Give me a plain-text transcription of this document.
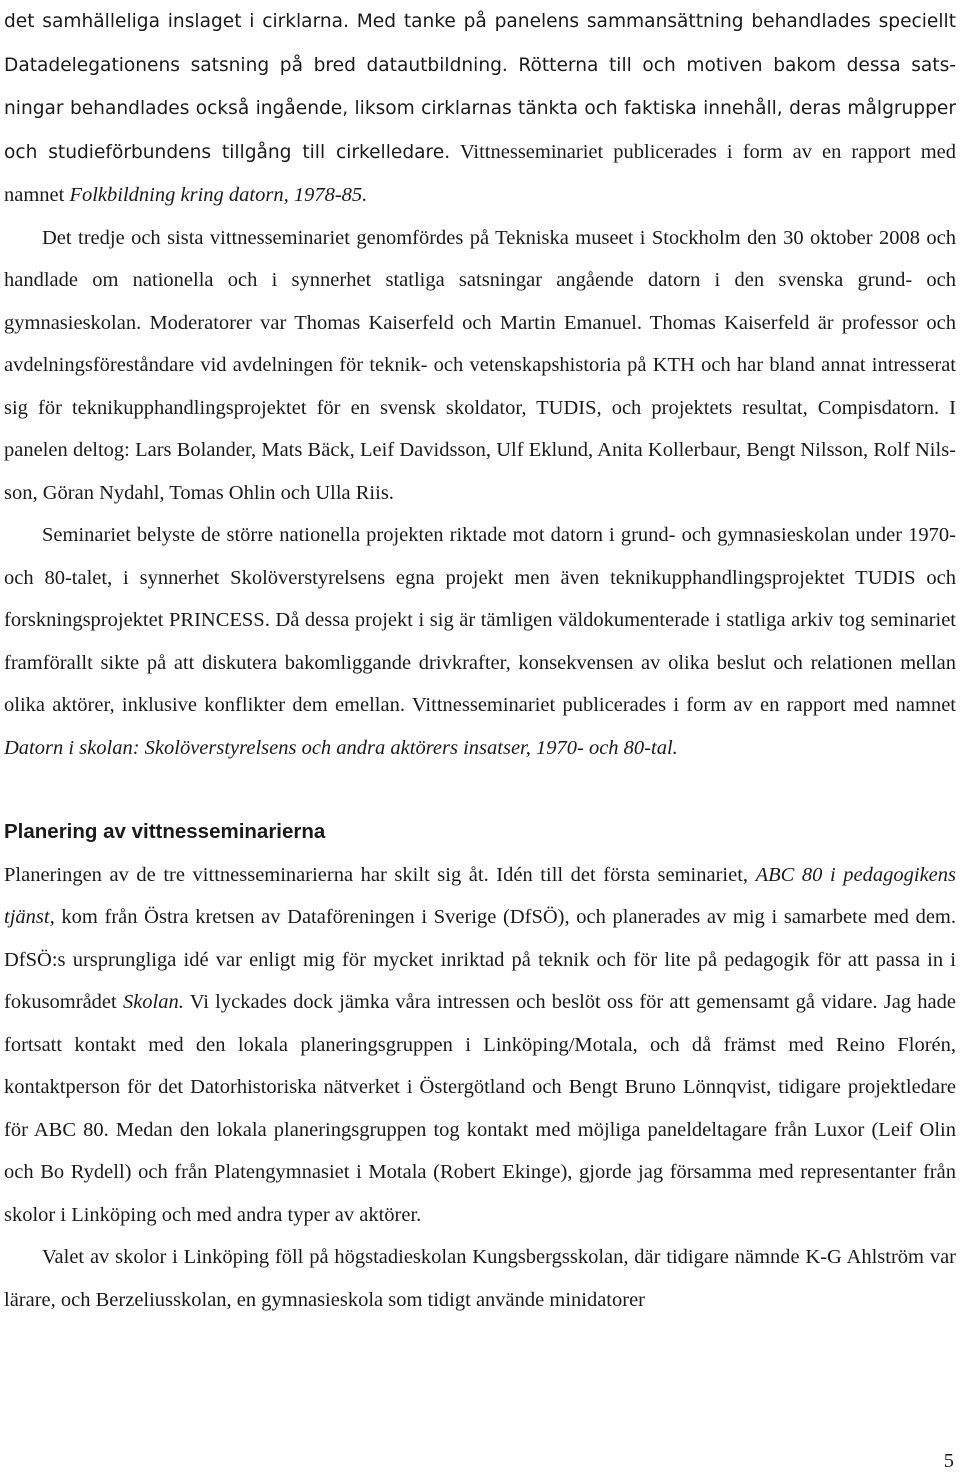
det samhälleliga inslaget i cirklarna. Med tanke på panelens sammansättning behandlades speciellt Datadelegationens satsning på bred datautbildning. Rötterna till och motiven bakom dessa satsningar behandlades också ingående, liksom cirklarnas tänkta och faktiska innehåll, deras målgrupper och studieförbundens tillgång till cirkelledare. Vittnesseminariet publicerades i form av en rapport med namnet Folkbildning kring datorn, 1978-85.

Det tredje och sista vittnesseminariet genomfördes på Tekniska museet i Stockholm den 30 oktober 2008 och handlade om nationella och i synnerhet statliga satsningar angående datorn i den svenska grund- och gymnasieskolan. Moderatorer var Thomas Kaiserfeld och Martin Emanuel. Thomas Kaiserfeld är professor och avdelningsföreståndare vid avdelningen för teknik- och vetenskapshistoria på KTH och har bland annat intresserat sig för teknikupphandlingsprojektet för en svensk skoldator, TUDIS, och projektets resultat, Compisdatorn. I panelen deltog: Lars Bolander, Mats Bäck, Leif Davidsson, Ulf Eklund, Anita Kollerbaur, Bengt Nilsson, Rolf Nilsson, Göran Nydahl, Tomas Ohlin och Ulla Riis.

Seminariet belyste de större nationella projekten riktade mot datorn i grund- och gymnasieskolan under 1970- och 80-talet, i synnerhet Skolöverstyrelsens egna projekt men även teknikupphandlingsprojektet TUDIS och forskningsprojektet PRINCESS. Då dessa projekt i sig är tämligen väldokumenterade i statliga arkiv tog seminariet framförallt sikte på att diskutera bakomliggande drivkrafter, konsekvensen av olika beslut och relationen mellan olika aktörer, inklusive konflikter dem emellan. Vittnesseminariet publicerades i form av en rapport med namnet Datorn i skolan: Skolöverstyrelsens och andra aktörers insatser, 1970- och 80-tal.

Planering av vittnesseminarierna

Planeringen av de tre vittnesseminarierna har skilt sig åt. Idén till det första seminariet, ABC 80 i pedagogikens tjänst, kom från Östra kretsen av Dataföreningen i Sverige (DfSÖ), och planerades av mig i samarbete med dem. DfSÖ:s ursprungliga idé var enligt mig för mycket inriktad på teknik och för lite på pedagogik för att passa in i fokusområdet Skolan. Vi lyckades dock jämka våra intressen och beslöt oss för att gemensamt gå vidare. Jag hade fortsatt kontakt med den lokala planeringsgruppen i Linköping/Motala, och då främst med Reino Florén, kontaktperson för det Datorhistoriska nätverket i Östergötland och Bengt Bruno Lönnqvist, tidigare projektledare för ABC 80. Medan den lokala planeringsgruppen tog kontakt med möjliga paneldeltagare från Luxor (Leif Olin och Bo Rydell) och från Platengymnasiet i Motala (Robert Ekinge), gjorde jag församma med representanter från skolor i Linköping och med andra typer av aktörer.

Valet av skolor i Linköping föll på högstadieskolan Kungsbergsskolan, där tidigare nämnde K-G Ahlström var lärare, och Berzeliusskolan, en gymnasieskola som tidigt använde minidatorer

5
